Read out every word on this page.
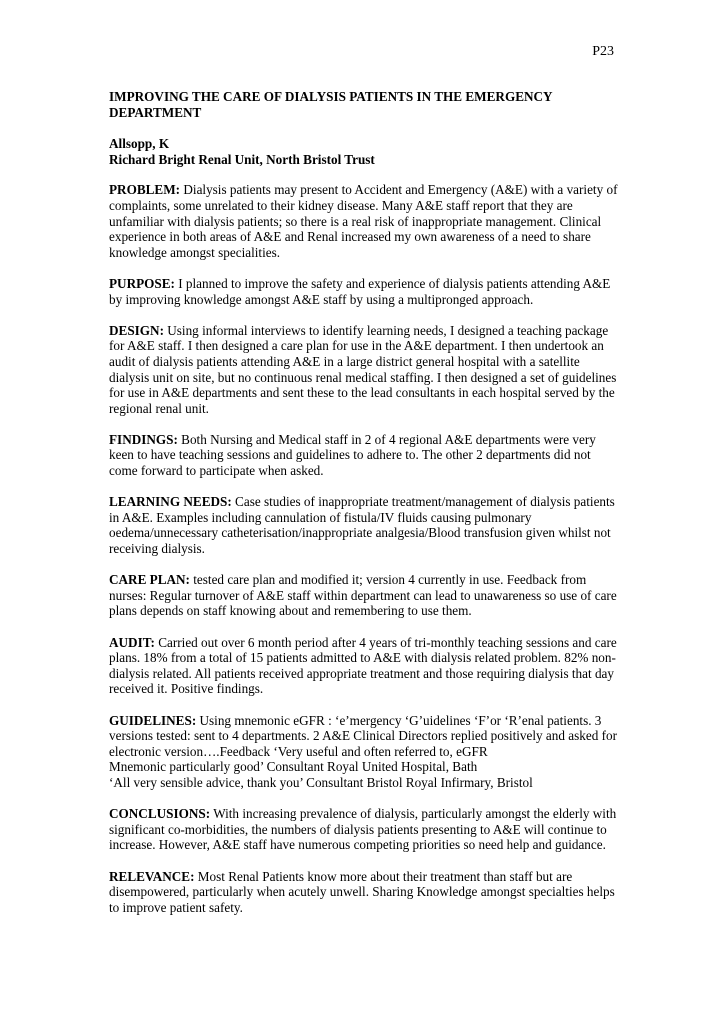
P23
IMPROVING THE CARE OF DIALYSIS PATIENTS IN THE EMERGENCY DEPARTMENT
Allsopp, K
Richard Bright Renal Unit, North Bristol Trust

PROBLEM: Dialysis patients may present to Accident and Emergency (A&E) with a variety of complaints, some unrelated to their kidney disease. Many A&E staff report that they are unfamiliar with dialysis patients; so there is a real risk of inappropriate management. Clinical experience in both areas of A&E and Renal increased my own awareness of a need to share knowledge amongst specialities.

PURPOSE: I planned to improve the safety and experience of dialysis patients attending A&E by improving knowledge amongst A&E staff by using a multipronged approach.

DESIGN: Using informal interviews to identify learning needs, I designed a teaching package for A&E staff. I then designed a care plan for use in the A&E department. I then undertook an audit of dialysis patients attending A&E in a large district general hospital with a satellite dialysis unit on site, but no continuous renal medical staffing. I then designed a set of guidelines for use in A&E departments and sent these to the lead consultants in each hospital served by the regional renal unit.

FINDINGS: Both Nursing and Medical staff in 2 of 4 regional A&E departments were very keen to have teaching sessions and guidelines to adhere to. The other 2 departments did not come forward to participate when asked.

LEARNING NEEDS: Case studies of inappropriate treatment/management of dialysis patients in A&E. Examples including cannulation of fistula/IV fluids causing pulmonary oedema/unnecessary catheterisation/inappropriate analgesia/Blood transfusion given whilst not receiving dialysis.

CARE PLAN: tested care plan and modified it; version 4 currently in use. Feedback from nurses: Regular turnover of A&E staff within department can lead to unawareness so use of care plans depends on staff knowing about and remembering to use them.

AUDIT: Carried out over 6 month period after 4 years of tri-monthly teaching sessions and care plans. 18% from a total of 15 patients admitted to A&E with dialysis related problem. 82% non-dialysis related. All patients received appropriate treatment and those requiring dialysis that day received it. Positive findings.

GUIDELINES: Using mnemonic eGFR : ‘e’mergency ‘G’uidelines ‘F’or ‘R’enal patients. 3 versions tested: sent to 4 departments. 2 A&E Clinical Directors replied positively and asked for electronic version….Feedback ‘Very useful and often referred to, eGFR

Mnemonic particularly good’ Consultant Royal United Hospital, Bath

‘All very sensible advice, thank you’ Consultant Bristol Royal Infirmary, Bristol

CONCLUSIONS: With increasing prevalence of dialysis, particularly amongst the elderly with significant co-morbidities, the numbers of dialysis patients presenting to A&E will continue to increase. However, A&E staff have numerous competing priorities so need help and guidance.

RELEVANCE: Most Renal Patients know more about their treatment than staff but are disempowered, particularly when acutely unwell. Sharing Knowledge amongst specialties helps to improve patient safety.
